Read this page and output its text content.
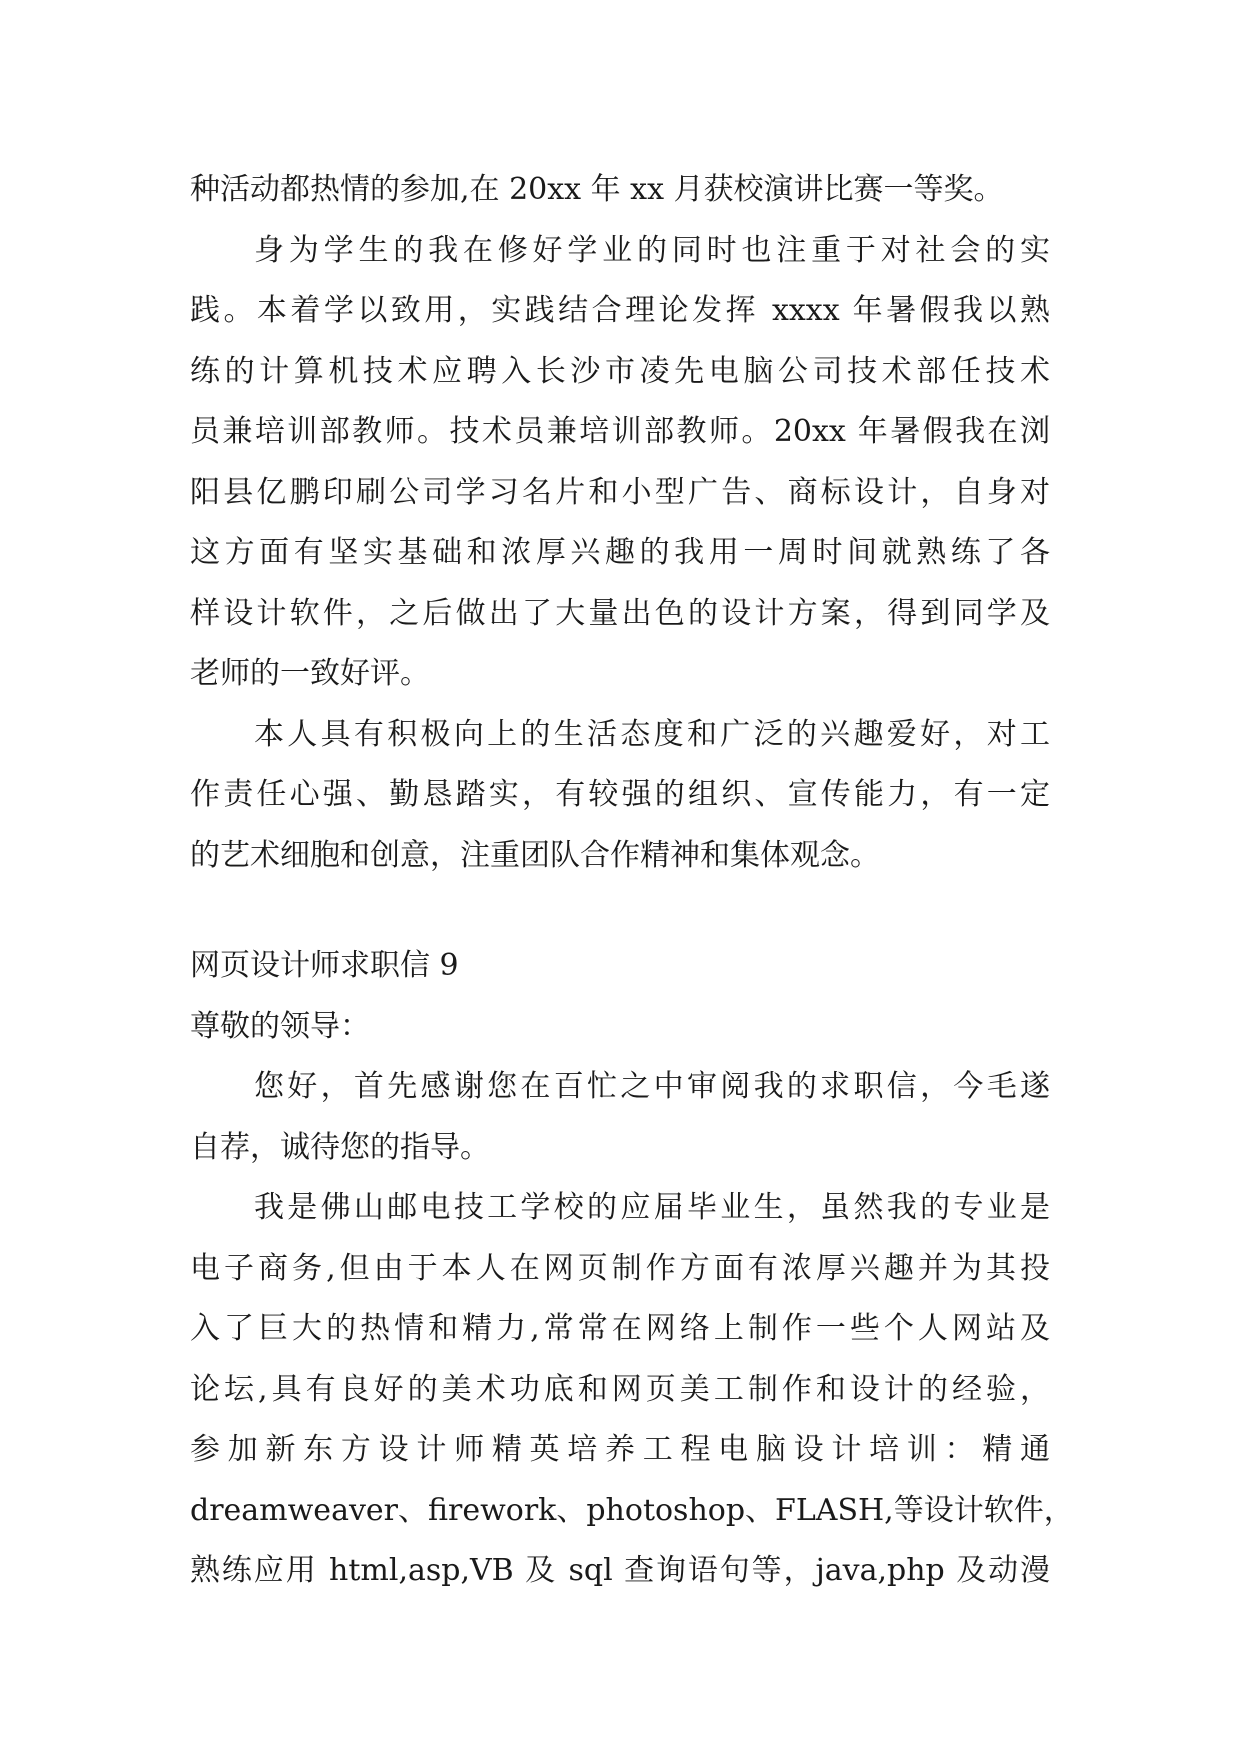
种活动都热情的参加,在 20xx 年 xx 月获校演讲比赛一等奖。
身为学生的我在修好学业的同时也注重于对社会的实
践。本着学以致用，实践结合理论发挥 xxxx 年暑假我以熟
练的计算机技术应聘入长沙市凌先电脑公司技术部任技术
员兼培训部教师。技术员兼培训部教师。20xx 年暑假我在浏
阳县亿鹏印刷公司学习名片和小型广告、商标设计，自身对
这方面有坚实基础和浓厚兴趣的我用一周时间就熟练了各
样设计软件，之后做出了大量出色的设计方案，得到同学及
老师的一致好评。
本人具有积极向上的生活态度和广泛的兴趣爱好，对工
作责任心强、勤恳踏实，有较强的组织、宣传能力，有一定
的艺术细胞和创意，注重团队合作精神和集体观念。
网页设计师求职信 9
尊敬的领导：
您好，首先感谢您在百忙之中审阅我的求职信，今毛遂
自荐，诚待您的指导。
我是佛山邮电技工学校的应届毕业生，虽然我的专业是
电子商务,但由于本人在网页制作方面有浓厚兴趣并为其投
入了巨大的热情和精力,常常在网络上制作一些个人网站及
论坛,具有良好的美术功底和网页美工制作和设计的经验，
参加新东方设计师精英培养工程电脑设计培训：精通
dreamweaver、firework、photoshop、FLASH,等设计软件，
熟练应用 html,asp,VB 及 sql 查询语句等，java,php 及动漫
